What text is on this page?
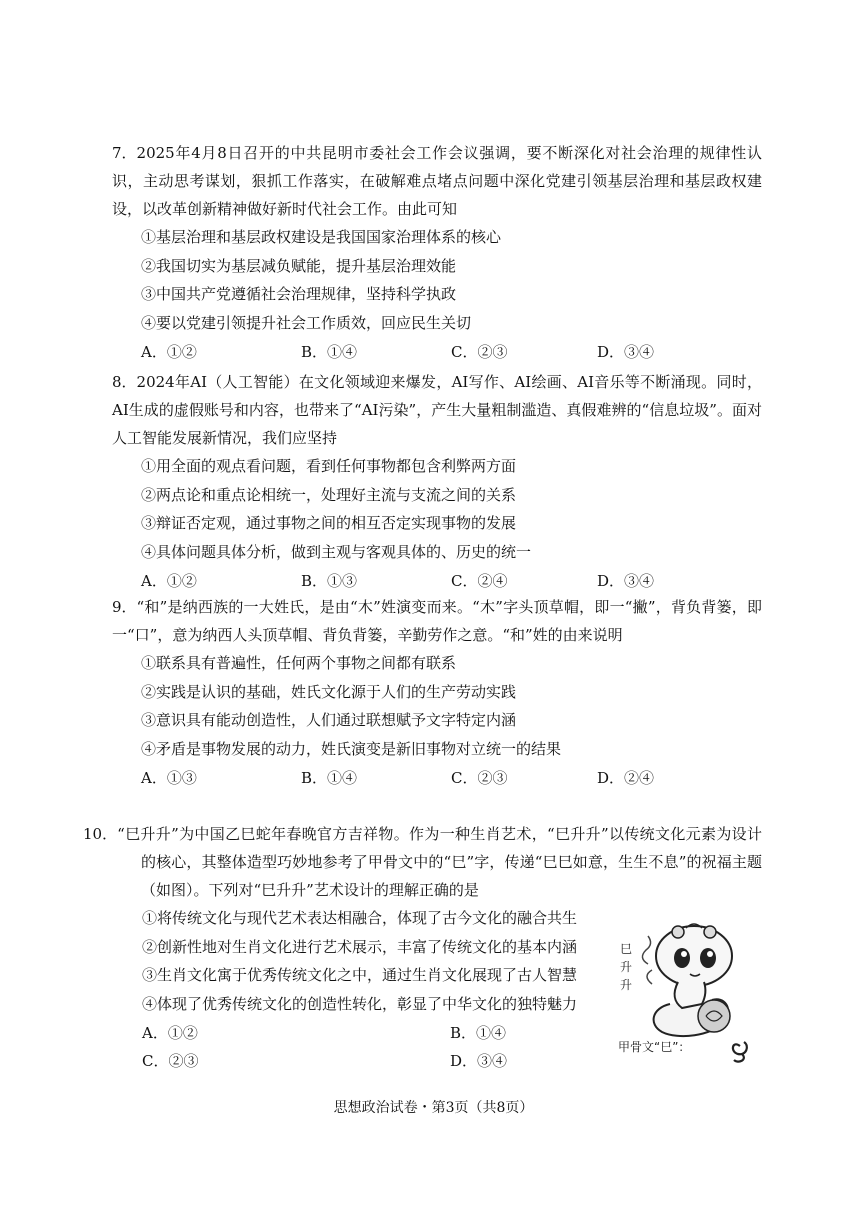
7．2025年4月8日召开的中共昆明市委社会工作会议强调，要不断深化对社会治理的规律性认识，主动思考谋划，狠抓工作落实，在破解难点堵点问题中深化党建引领基层治理和基层政权建设，以改革创新精神做好新时代社会工作。由此可知

①基层治理和基层政权建设是我国国家治理体系的核心

②我国切实为基层减负赋能，提升基层治理效能

③中国共产党遵循社会治理规律，坚持科学执政

④要以党建引领提升社会工作质效，回应民生关切

A．①②	B．①④	C．②③	D．③④

8．2024年AI（人工智能）在文化领域迎来爆发，AI写作、AI绘画、AI音乐等不断涌现。同时，AI生成的虚假账号和内容，也带来了“AI污染”，产生大量粗制滥造、真假难辨的“信息垃圾”。面对人工智能发展新情况，我们应坚持

①用全面的观点看问题，看到任何事物都包含利弊两方面

②两点论和重点论相统一，处理好主流与支流之间的关系

③辩证否定观，通过事物之间的相互否定实现事物的发展

④具体问题具体分析，做到主观与客观具体的、历史的统一

A．①②	B．①③	C．②④	D．③④

9．“和”是纳西族的一大姓氏，是由“木”姓演变而来。“木”字头顶草帽，即一“撇”，背负背篓，即一“口”，意为纳西人头顶草帽、背负背篓，辛勤劳作之意。“和”姓的由来说明

①联系具有普遍性，任何两个事物之间都有联系

②实践是认识的基础，姓氏文化源于人们的生产劳动实践

③意识具有能动创造性，人们通过联想赋予文字特定内涵

④矛盾是事物发展的动力，姓氏演变是新旧事物对立统一的结果

A．①③	B．①④	C．②③	D．②④

10．“巳升升”为中国乙巳蛇年春晚官方吉祥物。作为一种生肖艺术，“巳升升”以传统文化元素为设计的核心，其整体造型巧妙地参考了甲骨文中的“巳”字，传递“巳巳如意，生生不息”的祝福主题（如图）。下列对“巳升升”艺术设计的理解正确的是

①将传统文化与现代艺术表达相融合，体现了古今文化的融合共生

②创新性地对生肖文化进行艺术展示，丰富了传统文化的基本内涵

③生肖文化寓于优秀传统文化之中，通过生肖文化展现了古人智慧

④体现了优秀传统文化的创造性转化，彰显了中华文化的独特魅力

A．①②	B．①④
C．②③	D．③④
巳
升
升
甲骨文“巳”：
思想政治试卷・第3页（共8页）
